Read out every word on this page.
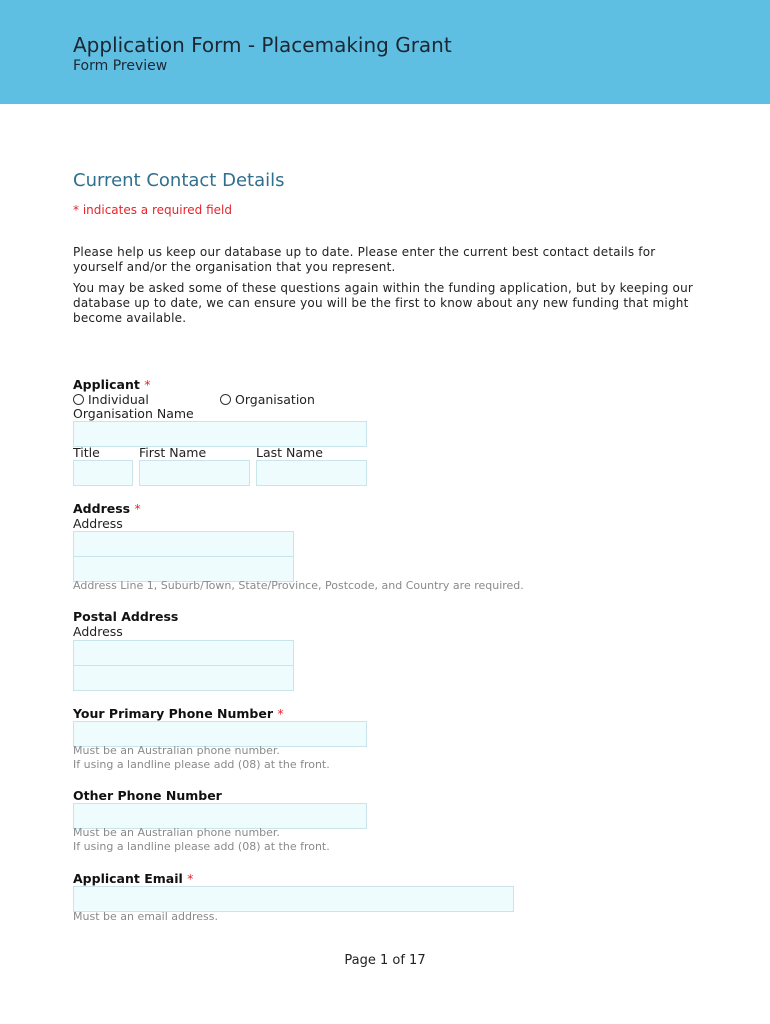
Application Form - Placemaking Grant
Form Preview
Current Contact Details
* indicates a required field
Please help us keep our database up to date. Please enter the current best contact details for yourself and/or the organisation that you represent.
You may be asked some of these questions again within the funding application, but by keeping our database up to date, we can ensure you will be the first to know about any new funding that might become available.
Applicant *
Individual	Organisation
Organisation Name
Title	First Name	Last Name
Address *
Address
Address Line 1, Suburb/Town, State/Province, Postcode, and Country are required.
Postal Address
Address
Your Primary Phone Number *
Must be an Australian phone number.
If using a landline please add (08) at the front.
Other Phone Number
Must be an Australian phone number.
If using a landline please add (08) at the front.
Applicant Email *
Must be an email address.
Page 1 of 17
